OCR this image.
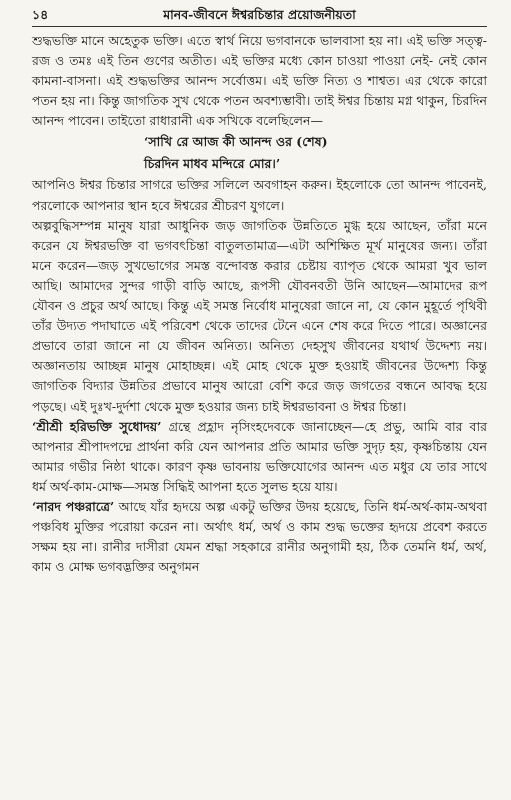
১৪	মানব-জীবনে ঈশ্বরচিন্তার প্রয়োজনীয়তা

শুদ্ধভক্তি মানে অহেতুক ভক্তি। এতে স্বার্থ নিয়ে ভগবানকে ভালবাসা হয় না। এই ভক্তি সত্ত্ব-রজ ও তমঃ এই তিন গুণের অতীত। এই ভক্তির মধ্যে কোন চাওয়া পাওয়া নেই- নেই কোন কামনা-বাসনা। এই শুদ্ধভক্তির আনন্দ সর্বোত্তম। এই ভক্তি নিত্য ও শাশ্বত। এর থেকে কারো পতন হয় না। কিন্তু জাগতিক সুখ থেকে পতন অবশ্যম্ভাবী। তাই ঈশ্বর চিন্তায় মগ্ন থাকুন, চিরদিন আনন্দ পাবেন। তাইতো রাধারানী এক সখিকে বলেছিলেন—

‘সাখি রে আজ কী আনন্দ ওর (শেষ)
চিরদিন মাধব মন্দিরে মোর।’

আপনিও ঈশ্বর চিন্তার সাগরে ভক্তির সলিলে অবগাহন করুন। ইহলোকে তো আনন্দ পাবেনই, পরলোকে আপনার স্থান হবে ঈশ্বরের শ্রীচরণ যুগলে।

অল্পবুদ্ধিসম্পন্ন মানুষ যারা আধুনিক জড় জাগতিক উন্নতিতে মুগ্ধ হয়ে আছেন, তাঁরা মনে করেন যে ঈশ্বরভক্তি বা ভগবৎচিন্তা বাতুলতামাত্র—এটা অশিক্ষিত মূর্খ মানুষের জন্য। তাঁরা মনে করেন—জড় সুখভোগের সমস্ত বন্দোবস্ত করার চেষ্টায় ব্যাপৃত থেকে আমরা খুব ভাল আছি। আমাদের সুন্দর গাড়ী বাড়ি আছে, রূপসী যৌবনবতী উনি আছেন—আমাদের রূপ যৌবন ও প্রচুর অর্থ আছে। কিন্তু এই সমস্ত নির্বোধ মানুষেরা জানে না, যে কোন মুহূর্তে পৃথিবী তাঁর উদ্যত পদাঘাতে এই পরিবেশ থেকে তাদের টেনে এনে শেষ করে দিতে পারে। অজ্ঞানের প্রভাবে তারা জানে না যে জীবন অনিত্য। অনিত্য দেহসুখ জীবনের যথার্থ উদ্দেশ্য নয়। অজ্ঞানতায় আচ্ছন্ন মানুষ মোহাচ্ছন্ন। এই মোহ থেকে মুক্ত হওয়াই জীবনের উদ্দেশ্য কিন্তু জাগতিক বিদ্যার উন্নতির প্রভাবে মানুষ আরো বেশি করে জড় জগতের বন্ধনে আবদ্ধ হয়ে পড়ছে। এই দুঃখ-দুর্দশা থেকে মুক্ত হওয়ার জন্য চাই ঈশ্বরভাবনা ও ঈশ্বর চিন্তা।

‘শ্রীশ্রী হরিভক্তি সুধোদয়’ গ্রন্থে প্রহ্লাদ নৃসিংহদেবকে জানাচ্ছেন—হে প্রভু, আমি বার বার আপনার শ্রীপাদপদ্মে প্রার্থনা করি যেন আপনার প্রতি আমার ভক্তি সুদৃঢ় হয়, কৃষ্ণচিন্তায় যেন আমার গভীর নিষ্ঠা থাকে। কারণ কৃষ্ণ ভাবনায় ভক্তিযোগের আনন্দ এত মধুর যে তার সাথে ধর্ম অর্থ-কাম-মোক্ষ—সমস্ত সিদ্ধিই আপনা হতে সুলভ হয়ে যায়।

‘নারদ পঞ্চরাত্রে’ আছে যাঁর হৃদয়ে অল্প একটু ভক্তির উদয় হয়েছে, তিনি ধর্ম-অর্থ-কাম-অথবা পঞ্চবিধ মুক্তির পরোয়া করেন না। অর্থাৎ ধর্ম, অর্থ ও কাম শুদ্ধ ভক্তের হৃদয়ে প্রবেশ করতে সক্ষম হয় না। রানীর দাসীরা যেমন শ্রদ্ধা সহকারে রানীর অনুগামী হয়, ঠিক তেমনি ধর্ম, অর্থ, কাম ও মোক্ষ ভগবদ্ভক্তির অনুগমন
